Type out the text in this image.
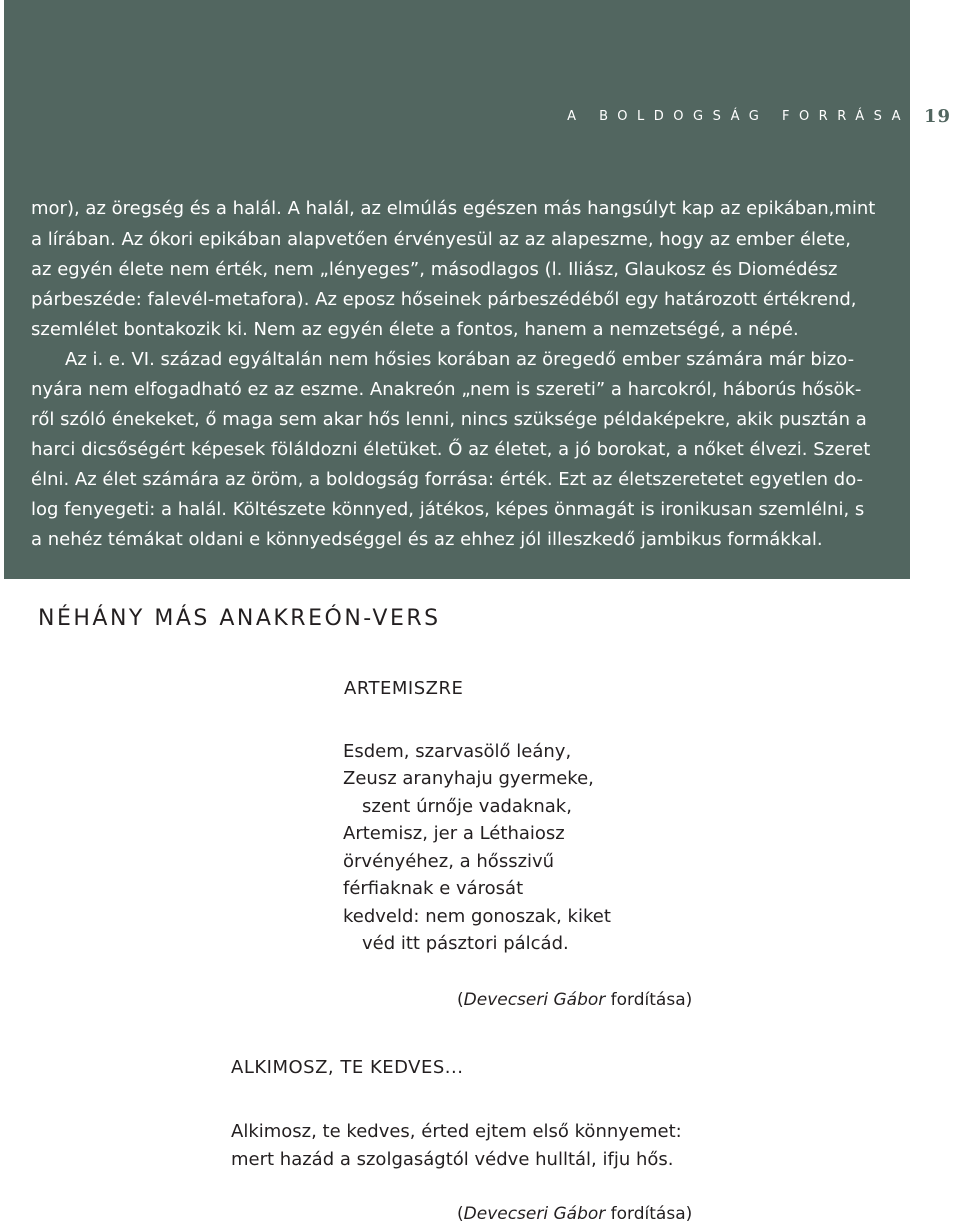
A BOLDOGSÁG FORRÁSA 19

mor), az öregség és a halál. A halál, az elmúlás egészen más hangsúlyt kap az epikában,mint

a lírában. Az ókori epikában alapvetően érvényesül az az alapeszme, hogy az ember élete,

az egyén élete nem érték, nem „lényeges”, másodlagos (l. Iliász, Glaukosz és Diomédész

párbeszéde: falevél-metafora). Az eposz hőseinek párbeszédéből egy határozott értékrend,

szemlélet bontakozik ki. Nem az egyén élete a fontos, hanem a nemzetségé, a népé.

Az i. e. VI. század egyáltalán nem hősies korában az öregedő ember számára már bizo-

nyára nem elfogadható ez az eszme. Anakreón „nem is szereti” a harcokról, háborús hősök-

ről szóló énekeket, ő maga sem akar hős lenni, nincs szüksége példaképekre, akik pusztán a

harci dicsőségért képesek föláldozni életüket. Ő az életet, a jó borokat, a nőket élvezi. Szeret

élni. Az élet számára az öröm, a boldogság forrása: érték. Ezt az életszeretetet egyetlen do-

log fenyegeti: a halál. Költészete könnyed, játékos, képes önmagát is ironikusan szemlélni, s

a nehéz témákat oldani e könnyedséggel és az ehhez jól illeszkedő jambikus formákkal.

NÉHÁNY MÁS ANAKREÓN-VERS
ARTEMISZRE
Esdem, szarvasölő leány,
Zeusz aranyhaju gyermeke,
szent úrnője vadaknak,
Artemisz, jer a Léthaiosz
örvényéhez, a hősszivű
férfiaknak e városát
kedveld: nem gonoszak, kiket
véd itt pásztori pálcád.
(Devecseri Gábor fordítása)
ALKIMOSZ, TE KEDVES...
Alkimosz, te kedves, érted ejtem első könnyemet:
mert hazád a szolgaságtól védve hulltál, ifju hős.
(Devecseri Gábor fordítása)
